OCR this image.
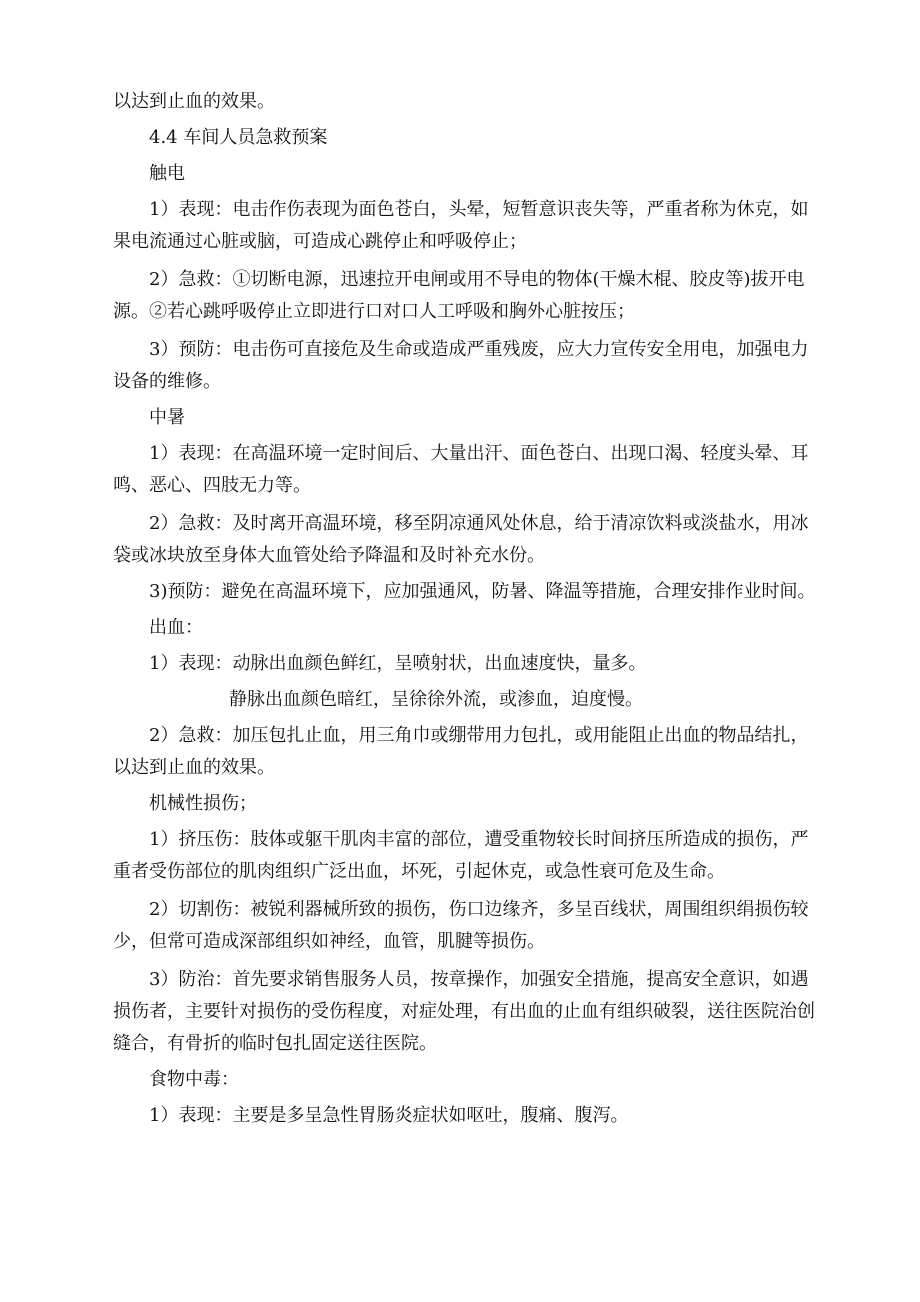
以达到止血的效果。

4.4 车间人员急救预案

触电

1）表现：电击作伤表现为面色苍白，头晕，短暂意识丧失等，严重者称为休克，如

果电流通过心脏或脑，可造成心跳停止和呼吸停止；

2）急救：①切断电源，迅速拉开电闸或用不导电的物体(干燥木棍、胶皮等)拔开电

源。②若心跳呼吸停止立即进行口对口人工呼吸和胸外心脏按压；

3）预防：电击伤可直接危及生命或造成严重残废，应大力宣传安全用电，加强电力

设备的维修。

中暑

1）表现：在高温环境一定时间后、大量出汗、面色苍白、出现口渴、轻度头晕、耳

鸣、恶心、四肢无力等。

2）急救：及时离开高温环境，移至阴凉通风处休息，给于清凉饮料或淡盐水，用冰

袋或冰块放至身体大血管处给予降温和及时补充水份。

3)预防：避免在高温环境下，应加强通风，防暑、降温等措施，合理安排作业时间。

出血：

1）表现：动脉出血颜色鲜红，呈喷射状，出血速度快，量多。

静脉出血颜色暗红，呈徐徐外流，或渗血，迫度慢。

2）急救：加压包扎止血，用三角巾或绷带用力包扎，或用能阻止出血的物品结扎，

以达到止血的效果。

机械性损伤；

1）挤压伤：肢体或躯干肌肉丰富的部位，遭受重物较长时间挤压所造成的损伤，严

重者受伤部位的肌肉组织广泛出血，坏死，引起休克，或急性衰可危及生命。

2）切割伤：被锐利器械所致的损伤，伤口边缘齐，多呈百线状，周围组织绢损伤较

少，但常可造成深部组织如神经，血管，肌腱等损伤。

3）防治：首先要求销售服务人员，按章操作，加强安全措施，提高安全意识，如遇

损伤者，主要针对损伤的受伤程度，对症处理，有出血的止血有组织破裂，送往医院治创

缝合，有骨折的临时包扎固定送往医院。

食物中毒：

1）表现：主要是多呈急性胃肠炎症状如呕吐，腹痛、腹泻。
